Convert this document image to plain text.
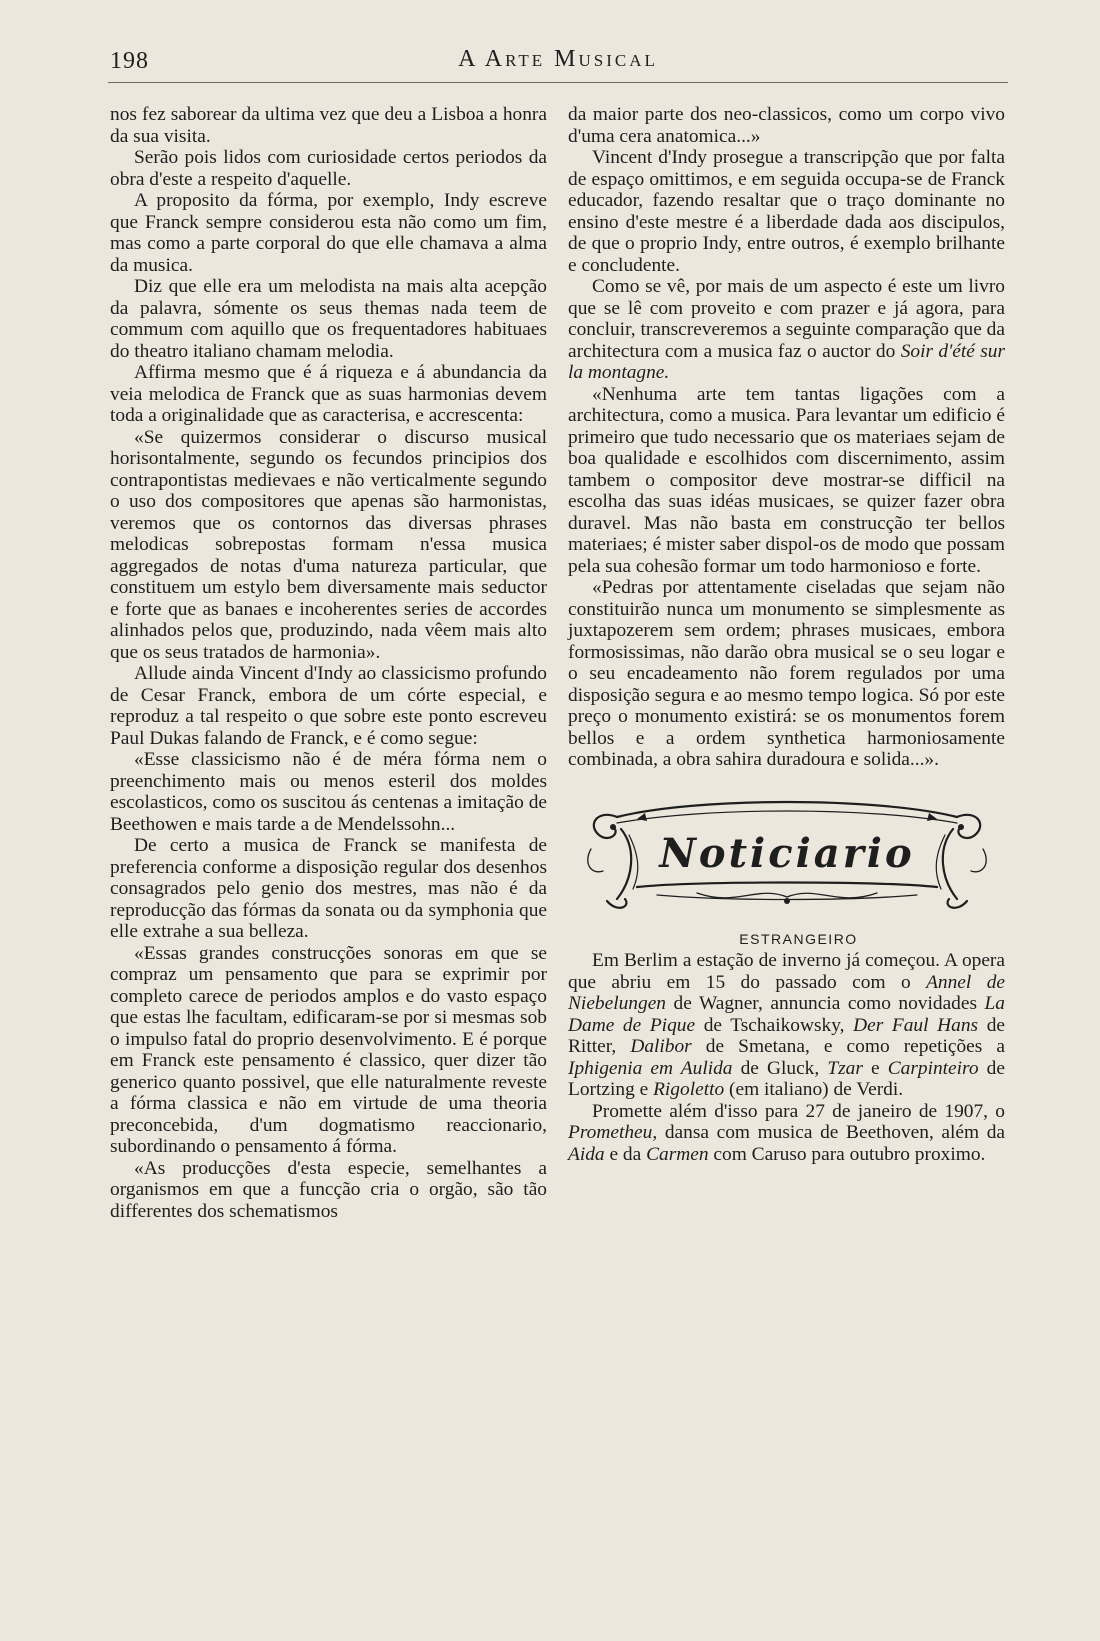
198	A Arte Musical

nos fez saborear da ultima vez que deu a Lisboa a honra da sua visita.

Serão pois lidos com curiosidade certos periodos da obra d'este a respeito d'aquelle.

A proposito da fórma, por exemplo, Indy escreve que Franck sempre considerou esta não como um fim, mas como a parte corporal do que elle chamava a alma da musica.

Diz que elle era um melodista na mais alta acepção da palavra, sómente os seus themas nada teem de commum com aquillo que os frequentadores habituaes do theatro italiano chamam melodia.

Affirma mesmo que é á riqueza e á abundancia da veia melodica de Franck que as suas harmonias devem toda a originalidade que as caracterisa, e accrescenta:

«Se quizermos considerar o discurso musical horisontalmente, segundo os fecundos principios dos contrapontistas medievaes e não verticalmente segundo o uso dos compositores que apenas são harmonistas, veremos que os contornos das diversas phrases melodicas sobrepostas formam n'essa musica aggregados de notas d'uma natureza particular, que constituem um estylo bem diversamente mais seductor e forte que as banaes e incoherentes series de accordes alinhados pelos que, produzindo, nada vêem mais alto que os seus tratados de harmonia».

Allude ainda Vincent d'Indy ao classicismo profundo de Cesar Franck, embora de um córte especial, e reproduz a tal respeito o que sobre este ponto escreveu Paul Dukas falando de Franck, e é como segue:

«Esse classicismo não é de méra fórma nem o preenchimento mais ou menos esteril dos moldes escolasticos, como os suscitou ás centenas a imitação de Beethowen e mais tarde a de Mendelssohn...

De certo a musica de Franck se manifesta de preferencia conforme a disposição regular dos desenhos consagrados pelo genio dos mestres, mas não é da reproducção das fórmas da sonata ou da symphonia que elle extrahe a sua belleza.

«Essas grandes construcções sonoras em que se compraz um pensamento que para se exprimir por completo carece de periodos amplos e do vasto espaço que estas lhe facultam, edificaram-se por si mesmas sob o impulso fatal do proprio desenvolvimento. E é porque em Franck este pensamento é classico, quer dizer tão generico quanto possivel, que elle naturalmente reveste a fórma classica e não em virtude de uma theoria preconcebida, d'um dogmatismo reaccionario, subordinando o pensamento á fórma.

«As producções d'esta especie, semelhantes a organismos em que a funcção cria o orgão, são tão differentes dos schematismos

da maior parte dos neo-classicos, como um corpo vivo d'uma cera anatomica...»

Vincent d'Indy prosegue a transcripção que por falta de espaço omittimos, e em seguida occupa-se de Franck educador, fazendo resaltar que o traço dominante no ensino d'este mestre é a liberdade dada aos discipulos, de que o proprio Indy, entre outros, é exemplo brilhante e concludente.

Como se vê, por mais de um aspecto é este um livro que se lê com proveito e com prazer e já agora, para concluir, transcreveremos a seguinte comparação que da architectura com a musica faz o auctor do Soir d'été sur la montagne.

«Nenhuma arte tem tantas ligações com a architectura, como a musica. Para levantar um edificio é primeiro que tudo necessario que os materiaes sejam de boa qualidade e escolhidos com discernimento, assim tambem o compositor deve mostrar-se difficil na escolha das suas idéas musicaes, se quizer fazer obra duravel. Mas não basta em construcção ter bellos materiaes; é mister saber dispol-os de modo que possam pela sua cohesão formar um todo harmonioso e forte.

«Pedras por attentamente ciseladas que sejam não constituirão nunca um monumento se simplesmente as juxtapozerem sem ordem; phrases musicaes, embora formosissimas, não darão obra musical se o seu logar e o seu encadeamento não forem regulados por uma disposição segura e ao mesmo tempo logica. Só por este preço o monumento existirá: se os monumentos forem bellos e a ordem synthetica harmoniosamente combinada, a obra sahira duradoura e solida...».

Noticiario

ESTRANGEIRO

Em Berlim a estação de inverno já começou. A opera que abriu em 15 do passado com o Annel de Niebelungen de Wagner, annuncia como novidades La Dame de Pique de Tschaikowsky, Der Faul Hans de Ritter, Dalibor de Smetana, e como repetições a Iphigenia em Aulida de Gluck, Tzar e Carpinteiro de Lortzing e Rigoletto (em italiano) de Verdi.

Promette além d'isso para 27 de janeiro de 1907, o Prometheu, dansa com musica de Beethoven, além da Aida e da Carmen com Caruso para outubro proximo.
